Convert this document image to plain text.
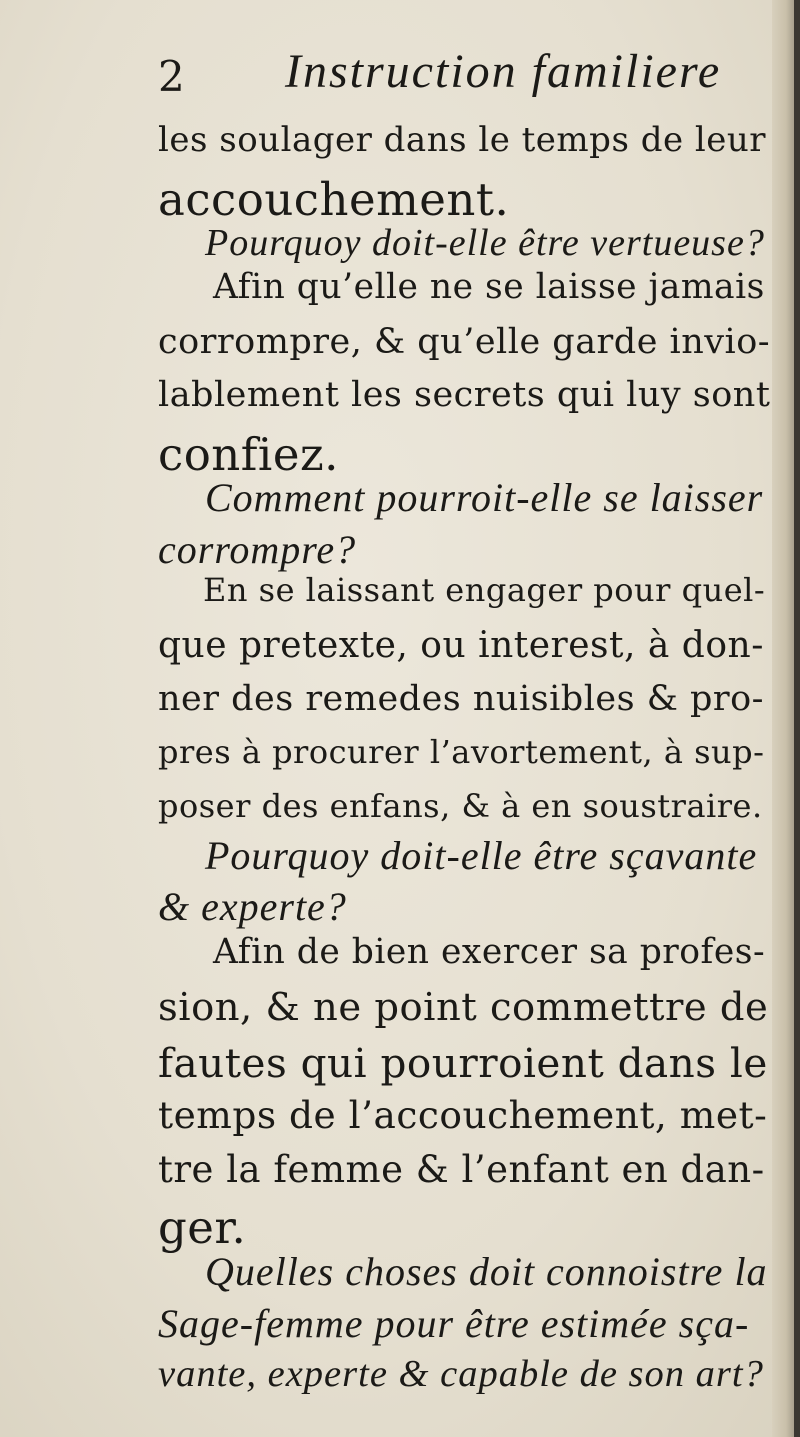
2 Instruction familiere
les soulager dans le temps de leur
accouchement.
Pourquoy doit-elle être vertueuse?
Afin qu’elle ne se laisse jamais
corrompre, & qu’elle garde invio-
lablement les secrets qui luy sont
confiez.
Comment pourroit-elle se laisser
corrompre?
En se laissant engager pour quel-
que pretexte, ou interest, à don-
ner des remedes nuisibles & pro-
pres à procurer l’avortement, à sup-
poser des enfans, & à en soustraire.
Pourquoy doit-elle être sçavante
& experte?
Afin de bien exercer sa profes-
sion, & ne point commettre de
fautes qui pourroient dans le
temps de l’accouchement, met-
tre la femme & l’enfant en dan-
ger.
Quelles choses doit connoistre la
Sage-femme pour être estimée sça-
vante, experte & capable de son art?
